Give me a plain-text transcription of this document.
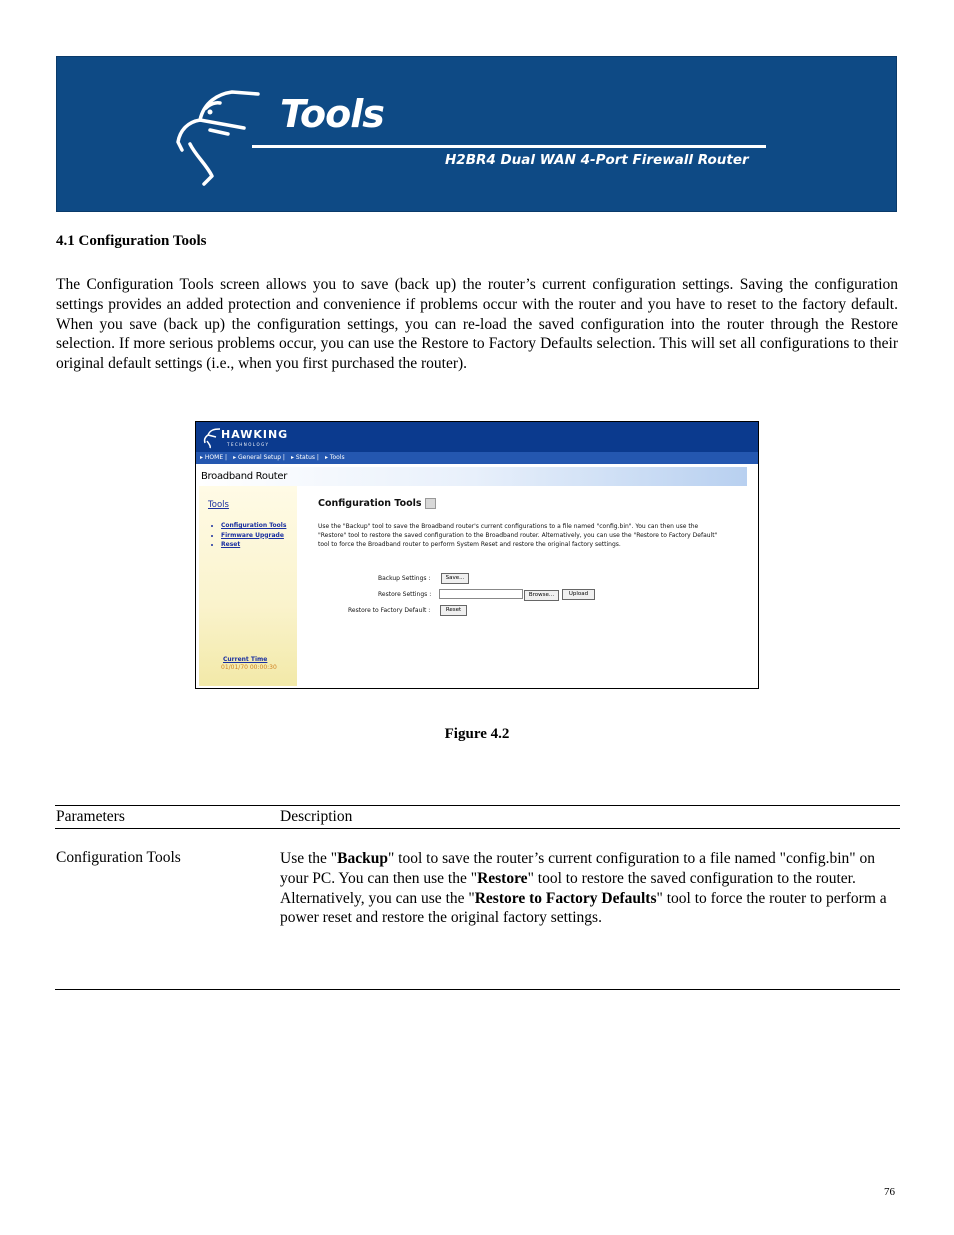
Tools
H2BR4 Dual WAN 4-Port Firewall Router
4.1 Configuration Tools

The Configuration Tools screen allows you to save (back up) the router’s current configuration settings. Saving the configuration settings provides an added protection and convenience if problems occur with the router and you have to reset to the factory default. When you save (back up) the configuration settings, you can re-load the saved configuration into the router through the Restore selection. If more serious problems occur, you can use the Restore to Factory Defaults selection. This will set all configurations to their original default settings (i.e., when you first purchased the router).

HAWKING
TECHNOLOGY
▸ HOME | ▸ General Setup | ▸ Status | ▸ Tools
Broadband Router
Tools
• Configuration Tools
• Firmware Upgrade
• Reset
Current Time
01/01/70 00:00:30
Configuration Tools
Use the "Backup" tool to save the Broadband router's current configurations to a file named "config.bin". You can then use the "Restore" tool to restore the saved configuration to the Broadband router. Alternatively, you can use the "Restore to Factory Default" tool to force the Broadband router to perform System Reset and restore the original factory settings.
Backup Settings :	Save...
Restore Settings :	Browse...	Upload
Restore to Factory Default :	Reset
Figure 4.2
Parameters	Description
Configuration Tools	Use the "Backup" tool to save the router’s current configuration to a file named "config.bin" on your PC. You can then use the "Restore" tool to restore the saved configuration to the router. Alternatively, you can use the "Restore to Factory Defaults" tool to force the router to perform a power reset and restore the original factory settings.

76
